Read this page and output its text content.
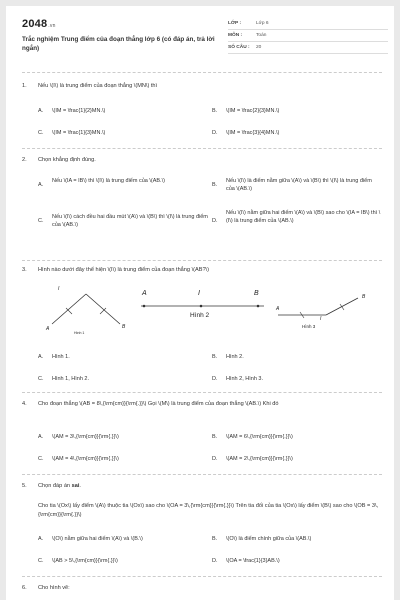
2048.vn
Trắc nghiệm Trung điểm của đoạn thẳng lớp 6 (có đáp án, trả lời ngắn)
LỚP :	Lớp 6
MÔN :	Toán
SỐ CÂU :	20
1.	Nếu \(I\) là trung điểm của đoạn thẳng \(MN\) thì
A.	\(IM = \frac{1}{2}MN.\)	B.	\(IM = \frac{2}{3}MN.\)
C.	\(IM = \frac{1}{3}MN.\)	D.	\(IM = \frac{3}{4}MN.\)
2.	Chọn khẳng định đúng.
A.
Nếu \(IA = IB\) thì \(I\) là trung điểm của \(AB.\)
B.
Nếu \(I\) là điểm nằm giữa \(A\) và \(B\) thì \(I\) là trung điểm của \(AB.\)
C.
Nếu \(I\) cách đều hai đầu mút \(A\) và \(B\) thì \(I\) là trung điểm của \(AB.\)
D.
Nếu \(I\) nằm giữa hai điểm \(A\) và \(B\) sao cho \(IA = IB\) thì \(I\) là trung điểm của \(AB.\)
3.	Hình nào dưới đây thể hiện \(I\) là trung điểm của đoạn thẳng \(AB?\)
I
A	B
Hình 1
A	I	B
Hình 2
A
I
B
Hình 3
A.	Hình 1.	B.	Hình 2.
C.	Hình 1, Hình 2.	D.	Hình 2, Hình 3.
4.	Cho đoạn thẳng \(AB = 8\,{\rm{cm}}{\rm{.}}\) Gọi \(M\) là trung điểm của đoạn thẳng \(AB.\) Khi đó
A.	\(AM = 3\,{\rm{cm}}{\rm{.}}\)	B.	\(AM = 6\,{\rm{cm}}{\rm{.}}\)
C.	\(AM = 4\,{\rm{cm}}{\rm{.}}\)	D.	\(AM = 2\,{\rm{cm}}{\rm{.}}\)
5.	Chọn đáp án sai.
Cho tia \(Ox\) lấy điểm \(A\) thuộc tia \(Ox\) sao cho \(OA = 3\,{\rm{cm}}{\rm{.}}\) Trên tia đối của tia \(Ox\) lấy điểm \(B\) sao cho \(OB = 3\,{\rm{cm}}{\rm{.}}\)
A.	\(O\) nằm giữa hai điểm \(A\) và \(B.\)	B.	\(O\) là điểm chính giữa của \(AB.\)
C.	\(AB > 5\,{\rm{cm}}{\rm{.}}\)	D.	\(OA = \frac{1}{3}AB.\)
6.	Cho hình vẽ:
